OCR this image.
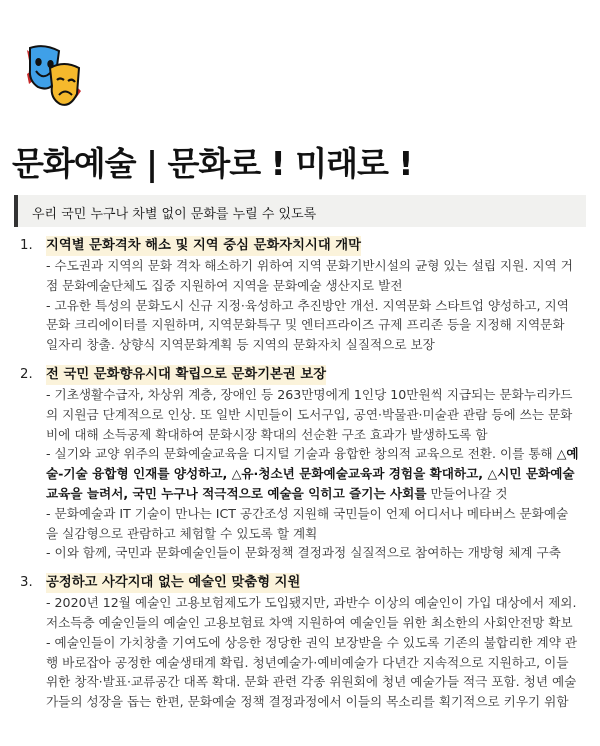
문화예술 | 문화로 ! 미래로 !
우리 국민 누구나 차별 없이 문화를 누릴 수 있도록
1.	지역별 문화격차 해소 및 지역 중심 문화자치시대 개막
- 수도권과 지역의 문화 격차 해소하기 위하여 지역 문화기반시설의 균형 있는 설립 지원. 지역 거점 문화예술단체도 집중 지원하여 지역을 문화예술 생산지로 발전
- 고유한 특성의 문화도시 신규 지정·육성하고 추진방안 개선. 지역문화 스타트업 양성하고, 지역문화 크리에이터를 지원하며, 지역문화특구 및 엔터프라이즈 규제 프리존 등을 지정해 지역문화 일자리 창출. 상향식 지역문화계획 등 지역의 문화자치 실질적으로 보장
2.	전 국민 문화향유시대 확립으로 문화기본권 보장
- 기초생활수급자, 차상위 계층, 장애인 등 263만명에게 1인당 10만원씩 지급되는 문화누리카드의 지원금 단계적으로 인상. 또 일반 시민들이 도서구입, 공연·박물관·미술관 관람 등에 쓰는 문화비에 대해 소득공제 확대하여 문화시장 확대의 선순환 구조 효과가 발생하도록 함
- 실기와 교양 위주의 문화예술교육을 디지털 기술과 융합한 창의적 교육으로 전환. 이를 통해 △예술-기술 융합형 인재를 양성하고, △유·청소년 문화예술교육과 경험을 확대하고, △시민 문화예술교육을 늘려서, 국민 누구나 적극적으로 예술을 익히고 즐기는 사회를 만들어나갈 것
- 문화예술과 IT 기술이 만나는 ICT 공간조성 지원해 국민들이 언제 어디서나 메타버스 문화예술을 실감형으로 관람하고 체험할 수 있도록 할 계획
- 이와 함께, 국민과 문화예술인들이 문화정책 결정과정 실질적으로 참여하는 개방형 체계 구축
3.	공정하고 사각지대 없는 예술인 맞춤형 지원
- 2020년 12월 예술인 고용보험제도가 도입됐지만, 과반수 이상의 예술인이 가입 대상에서 제외. 저소득층 예술인들의 예술인 고용보험료 차액 지원하여 예술인들 위한 최소한의 사회안전망 확보
- 예술인들이 가치창출 기여도에 상응한 정당한 권익 보장받을 수 있도록 기존의 불합리한 계약 관행 바로잡아 공정한 예술생태계 확립. 청년예술가·예비예술가 다년간 지속적으로 지원하고, 이들 위한 창작·발표·교류공간 대폭 확대. 문화 관련 각종 위원회에 청년 예술가들 적극 포함. 청년 예술가들의 성장을 돕는 한편, 문화예술 정책 결정과정에서 이들의 목소리를 획기적으로 키우기 위함
